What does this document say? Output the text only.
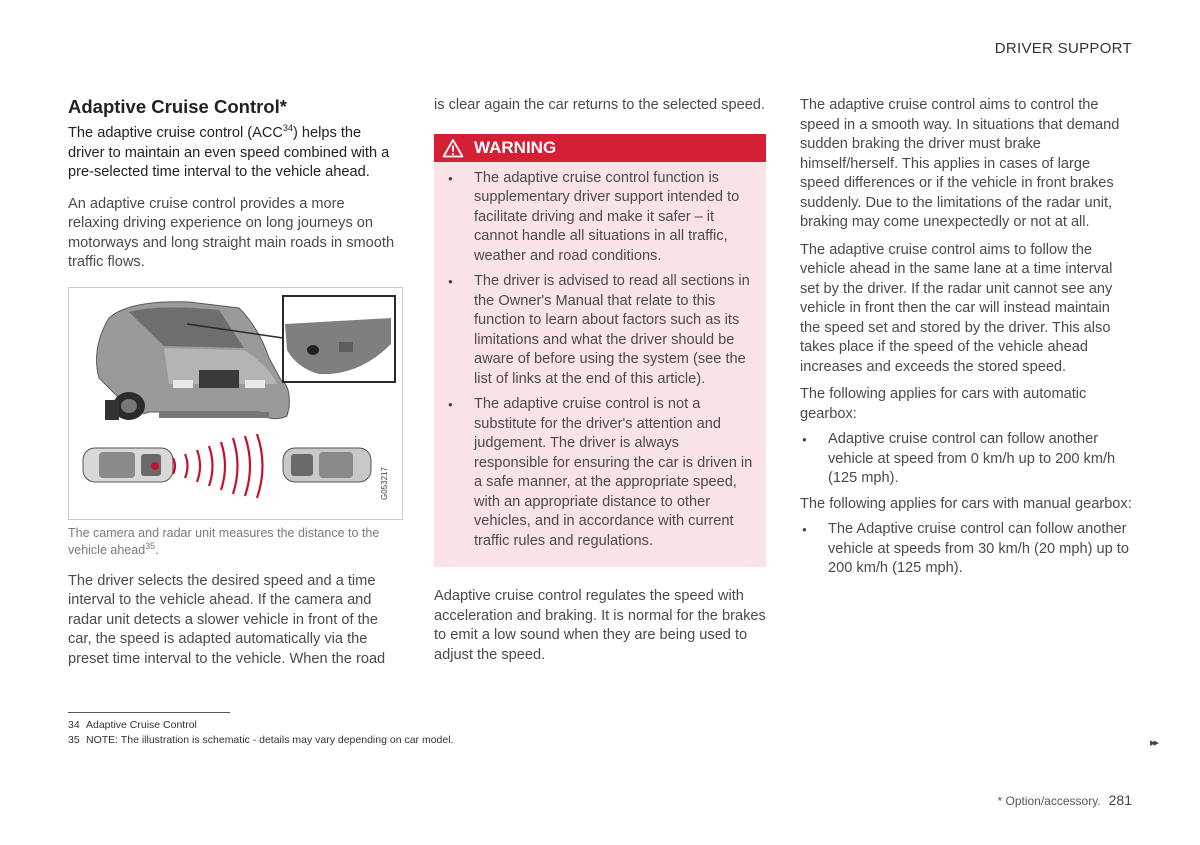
DRIVER SUPPORT
Adaptive Cruise Control*

The adaptive cruise control (ACC$^{34}$) helps the driver to maintain an even speed combined with a pre-selected time interval to the vehicle ahead.

An adaptive cruise control provides a more relaxing driving experience on long journeys on motorways and long straight main roads in smooth traffic flows.

G053217

The camera and radar unit measures the distance to the vehicle ahead$^{35}$.

The driver selects the desired speed and a time interval to the vehicle ahead. If the camera and radar unit detects a slower vehicle in front of the car, the speed is adapted automatically via the preset time interval to the vehicle. When the road

is clear again the car returns to the selected speed.

WARNING
● The adaptive cruise control function is supplementary driver support intended to facilitate driving and make it safer – it cannot handle all situations in all traffic, weather and road conditions.
● The driver is advised to read all sections in the Owner's Manual that relate to this function to learn about factors such as its limitations and what the driver should be aware of before using the system (see the list of links at the end of this article).
● The adaptive cruise control is not a substitute for the driver's attention and judgement. The driver is always responsible for ensuring the car is driven in a safe manner, at the appropriate speed, with an appropriate distance to other vehicles, and in accordance with current traffic rules and regulations.

Adaptive cruise control regulates the speed with acceleration and braking. It is normal for the brakes to emit a low sound when they are being used to adjust the speed.

The adaptive cruise control aims to control the speed in a smooth way. In situations that demand sudden braking the driver must brake himself/herself. This applies in cases of large speed differences or if the vehicle in front brakes suddenly. Due to the limitations of the radar unit, braking may come unexpectedly or not at all.

The adaptive cruise control aims to follow the vehicle ahead in the same lane at a time interval set by the driver. If the radar unit cannot see any vehicle in front then the car will instead maintain the speed set and stored by the driver. This also takes place if the speed of the vehicle ahead increases and exceeds the stored speed.

The following applies for cars with automatic gearbox:

● Adaptive cruise control can follow another vehicle at speed from 0 km/h up to 200 km/h (125 mph).

The following applies for cars with manual gearbox:

● The Adaptive cruise control can follow another vehicle at speeds from 30 km/h (20 mph) up to 200 km/h (125 mph).
34 Adaptive Cruise Control
35 NOTE: The illustration is schematic - details may vary depending on car model.	▸▸
* Option/accessory. 281
